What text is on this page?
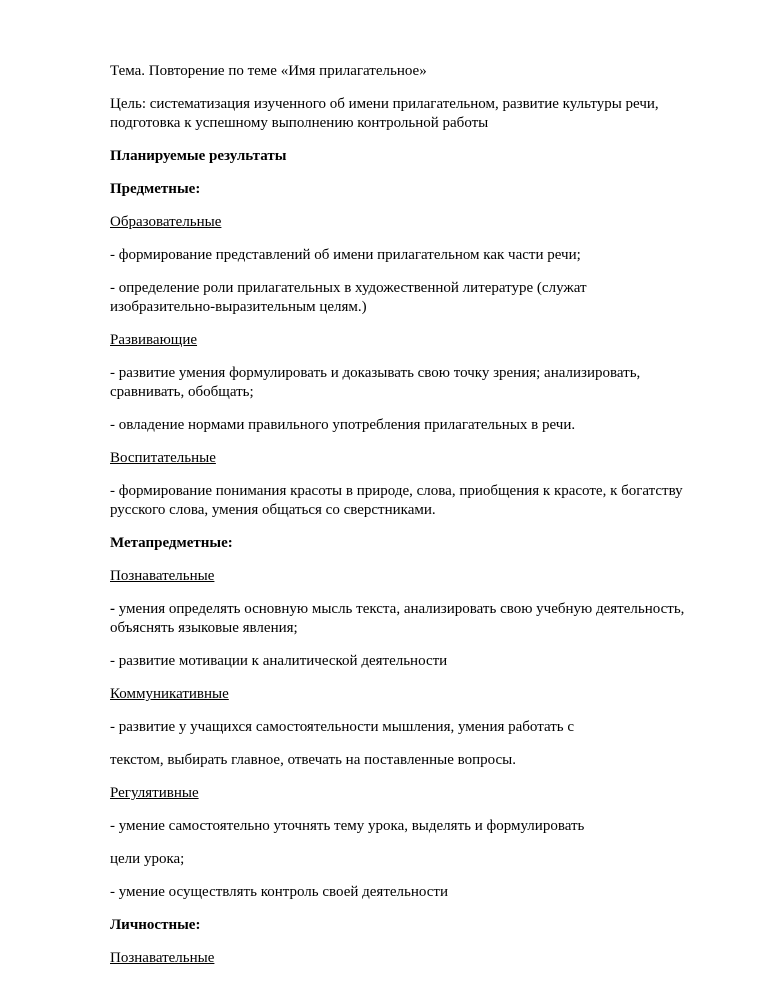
Тема. Повторение по теме «Имя прилагательное»

Цель: систематизация изученного об имени прилагательном, развитие культуры речи,

подготовка к успешному выполнению контрольной работы

Планируемые результаты

Предметные:

Образовательные

- формирование представлений об имени прилагательном как части речи;

- определение роли прилагательных в художественной литературе (служат

изобразительно-выразительным целям.)

Развивающие

- развитие умения формулировать и доказывать свою точку зрения; анализировать,

сравнивать, обобщать;

- овладение нормами правильного употребления прилагательных в речи.

Воспитательные

- формирование понимания красоты в природе, слова, приобщения к красоте, к богатству

русского слова, умения общаться со сверстниками.

Метапредметные:

Познавательные

- умения определять основную мысль текста, анализировать свою учебную деятельность,

объяснять языковые явления;

- развитие мотивации к аналитической деятельности

Коммуникативные

- развитие у учащихся самостоятельности мышления, умения работать с

текстом, выбирать главное, отвечать на поставленные вопросы.

Регулятивные

- умение самостоятельно уточнять тему урока, выделять и формулировать

цели урока;

- умение осуществлять контроль своей деятельности

Личностные:

Познавательные
